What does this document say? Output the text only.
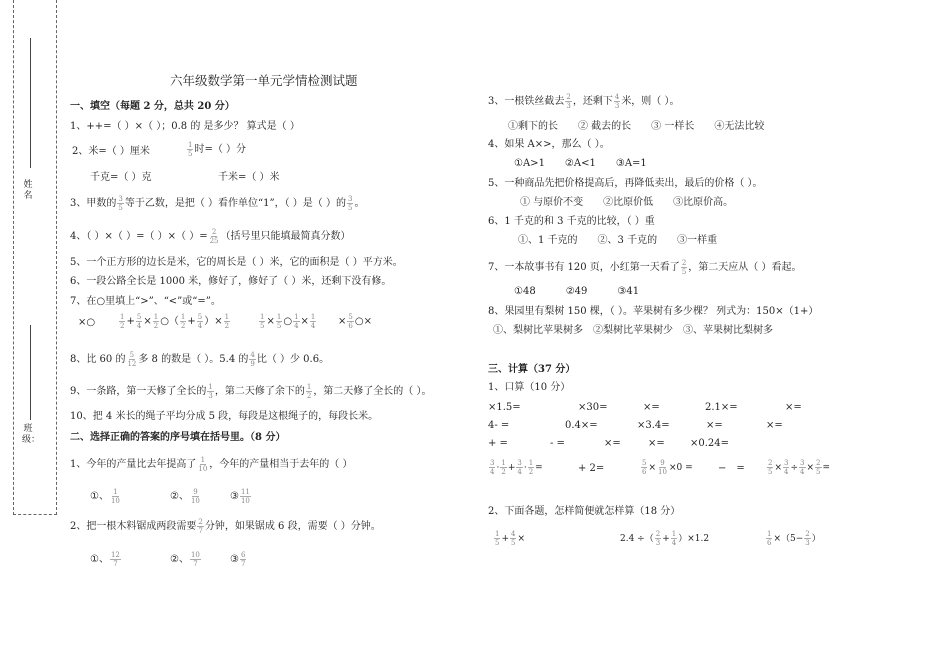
姓 名
班 级：
六年级数学第一单元学情检测试题
一、填空（每题 2 分，总共 20 分）
1、++=（ ）×（ ）；0.8 的 是多少？ 算式是（ ）
2、米=（ ）厘米	$\frac{1}{5}$ 时=（ ）分
千克=（ ）克	千米=（ ）米
3、甲数的 $\frac{3}{5}$ 等于乙数，是把（ ）看作单位“1”，（ ）是（ ）的 $\frac{3}{5}$ 。
4、（ ）×（ ）=（ ）×（ ）= $\frac{2}{25}$ （括号里只能填最简真分数）
5、一个正方形的边长是米，它的周长是（ ）米，它的面积是（ ）平方米。
6、一段公路全长是 1000 米，修好了，修好了（ ）米，还剩下没有修。
7、在○里填上“>”、“<”或“=”。
×○	$\frac{1}{2} + \frac{5}{4} \times \frac{1}{2}$ ○（ $\frac{1}{2} + \frac{5}{4}$ ）× $\frac{1}{2}$	$\frac{1}{5} \times \frac{1}{5}$ ○ $\frac{1}{4} \times \frac{1}{4} \times \frac{5}{6}$ ○×
8、比 60 的 $\frac{5}{12}$ 多 8 的数是（ ）。5.4 的 $\frac{4}{9}$ 比（ ）少 0.6。
9、一条路，第一天修了全长的 $\frac{1}{3}$ ，第二天修了余下的 $\frac{1}{2}$ ，第二天修了全长的（ ）。
10、把 4 米长的绳子平均分成 5 段，每段是这根绳子的，每段长米。
二、选择正确的答案的序号填在括号里。（8 分）
1、今年的产量比去年提高了 $\frac{1}{10}$ ，今年的产量相当于去年的（ ）
①、 $\frac{1}{10}$	②、 $\frac{9}{10}$	③ $\frac{11}{10}$
2、把一根木料锯成两段需要 $\frac{2}{7}$ 分钟，如果锯成 6 段，需要（ ）分钟。
①、 $\frac{12}{7}$	②、 $\frac{10}{7}$	③ $\frac{6}{7}$
3、一根铁丝截去 $\frac{2}{3}$ ，还剩下 $\frac{4}{3}$ 米，则（ ）。
①剩下的长　　② 截去的长　　③ 一样长　　④无法比较
4、如果 A×>，那么（ ）。
①A>1　　②A<1　　③A=1
5、一种商品先把价格提高后，再降低卖出，最后的价格（ ）。
① 与原价不变　　②比原价低　　③比原价高。
6、1 千克的和 3 千克的比较，（ ）重
①、1 千克的　　②、3 千克的　　③一样重
7、一本故事书有 120 页，小红第一天看了 $\frac{2}{5}$ ，第二天应从（ ）看起。
①48　　　②49　　　③41
8、果园里有梨树 150 棵，（ ）。苹果树有多少棵？ 列式为：150×（1+）
①、梨树比苹果树多　②梨树比苹果树少　③、苹果树比梨树多
三、计算（37 分）
1、口算（10 分）
×1.5=	×30=	×=	2.1×=	×=
4- =	0.4×=	×3.4=	×=	×=
+ =	- =	×=	×=	×0.24=
$\frac{3}{4} \cdot \frac{1}{2} + \frac{3}{4} \cdot \frac{1}{2}$ =	+ 2=	$\frac{5}{6} \times \frac{9}{10} \times 0$ =	−　=	$\frac{2}{5} \times \frac{3}{4} \div \frac{3}{4} \times \frac{2}{5}$ =
2、下面各题，怎样简便就怎样算（18 分）
$\frac{1}{5} + \frac{4}{5}$ ×	2.4 ÷（ $\frac{2}{3} + \frac{1}{4} )\times 1.2$	$\frac{1}{6} \times(5- \frac{2}{3}$ ）
